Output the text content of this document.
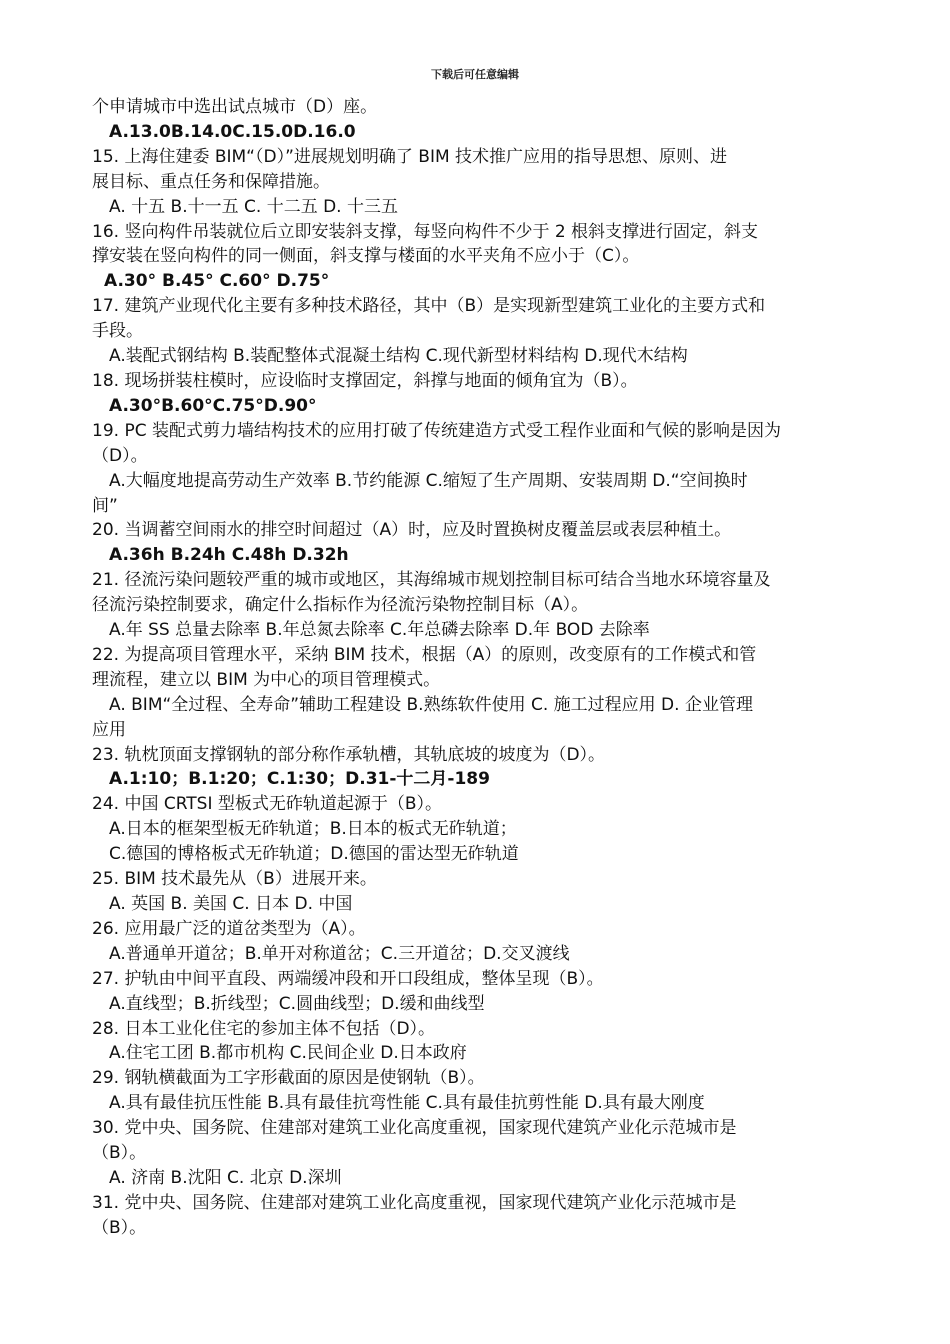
下载后可任意编辑
个申请城市中选出试点城市（D）座。
A.13.0B.14.0C.15.0D.16.0
15. 上海住建委 BIM“（D）”进展规划明确了 BIM 技术推广应用的指导思想、原则、进
展目标、重点任务和保障措施。
A. 十五 B.十一五 C. 十二五 D. 十三五
16. 竖向构件吊装就位后立即安装斜支撑，每竖向构件不少于 2 根斜支撑进行固定，斜支
撑安装在竖向构件的同一侧面，斜支撑与楼面的水平夹角不应小于（C）。
A.30° B.45° C.60° D.75°
17. 建筑产业现代化主要有多种技术路径，其中（B）是实现新型建筑工业化的主要方式和
手段。
A.装配式钢结构 B.装配整体式混凝土结构 C.现代新型材料结构 D.现代木结构
18. 现场拼装柱模时，应设临时支撑固定，斜撑与地面的倾角宜为（B）。
A.30°B.60°C.75°D.90°
19. PC 装配式剪力墙结构技术的应用打破了传统建造方式受工程作业面和气候的影响是因为
（D）。
A.大幅度地提高劳动生产效率 B.节约能源 C.缩短了生产周期、安装周期 D.“空间换时
间”
20. 当调蓄空间雨水的排空时间超过（A）时，应及时置换树皮覆盖层或表层种植土。
A.36h B.24h C.48h D.32h
21. 径流污染问题较严重的城市或地区，其海绵城市规划控制目标可结合当地水环境容量及
径流污染控制要求，确定什么指标作为径流污染物控制目标（A）。
A.年 SS 总量去除率 B.年总氮去除率 C.年总磷去除率 D.年 BOD 去除率
22. 为提高项目管理水平，采纳 BIM 技术，根据（A）的原则，改变原有的工作模式和管
理流程，建立以 BIM 为中心的项目管理模式。
A. BIM“全过程、全寿命”辅助工程建设 B.熟练软件使用 C. 施工过程应用 D. 企业管理
应用
23. 轨枕顶面支撑钢轨的部分称作承轨槽，其轨底坡的坡度为（D）。
A.1:10；B.1:20；C.1:30；D.31-十二月-189
24. 中国 CRTSⅠ 型板式无砟轨道起源于（B）。
A.日本的框架型板无砟轨道；B.日本的板式无砟轨道；
C.德国的博格板式无砟轨道；D.德国的雷达型无砟轨道
25. BIM 技术最先从（B）进展开来。
A. 英国 B. 美国 C. 日本 D. 中国
26. 应用最广泛的道岔类型为（A）。
A.普通单开道岔；B.单开对称道岔；C.三开道岔；D.交叉渡线
27. 护轨由中间平直段、两端缓冲段和开口段组成，整体呈现（B）。
A.直线型；B.折线型；C.圆曲线型；D.缓和曲线型
28. 日本工业化住宅的参加主体不包括（D）。
A.住宅工团 B.都市机构 C.民间企业 D.日本政府
29. 钢轨横截面为工字形截面的原因是使钢轨（B）。
A.具有最佳抗压性能 B.具有最佳抗弯性能 C.具有最佳抗剪性能 D.具有最大刚度
30. 党中央、国务院、住建部对建筑工业化高度重视，国家现代建筑产业化示范城市是
（B）。
A. 济南 B.沈阳 C. 北京 D.深圳
31. 党中央、国务院、住建部对建筑工业化高度重视，国家现代建筑产业化示范城市是
（B）。
